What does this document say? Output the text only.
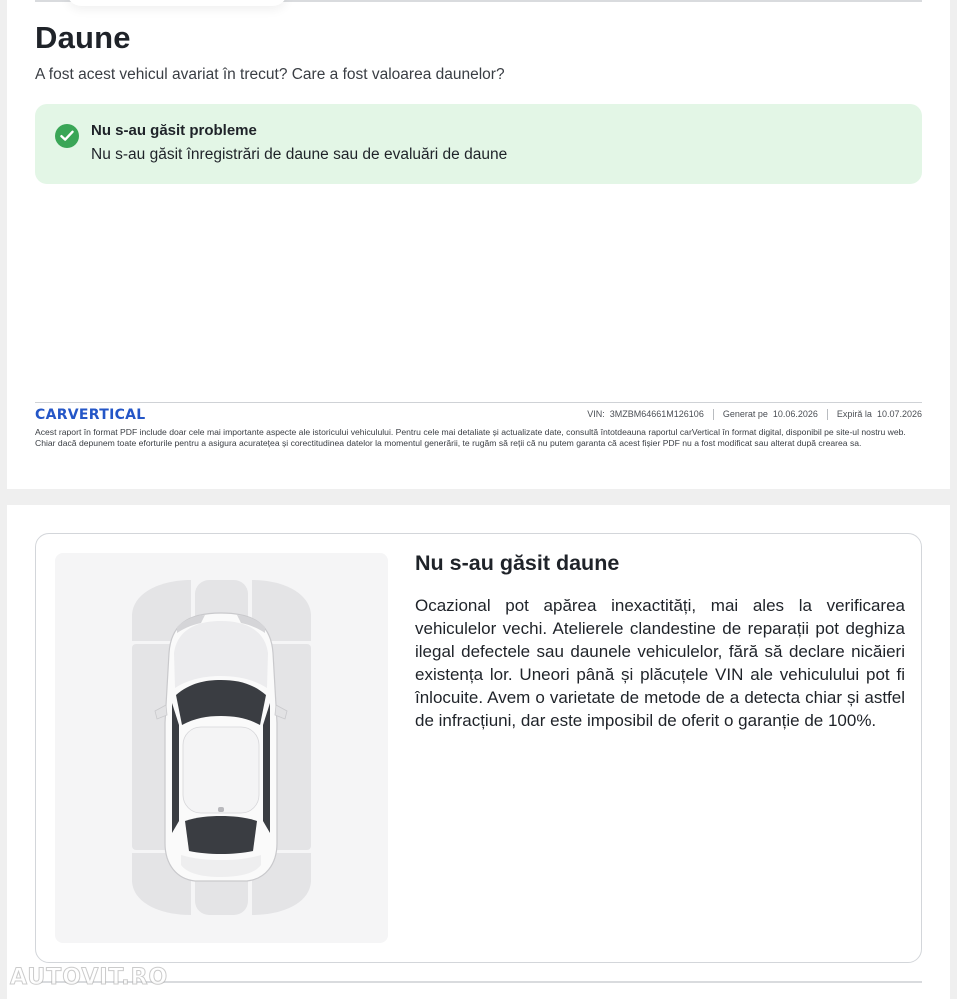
Daune

A fost acest vehicul avariat în trecut? Care a fost valoarea daunelor?

Nu s-au găsit probleme
Nu s-au găsit înregistrări de daune sau de evaluări de daune
CARVERTICAL	VIN: 3MZBM64661M126106	Generat pe 10.06.2026	Expiră la 10.07.2026

Acest raport în format PDF include doar cele mai importante aspecte ale istoricului vehiculului. Pentru cele mai detaliate și actualizate date, consultă întotdeauna raportul carVertical în format digital, disponibil pe site-ul nostru web. Chiar dacă depunem toate eforturile pentru a asigura acuratețea și corectitudinea datelor la momentul generării, te rugăm să reții că nu putem garanta că acest fișier PDF nu a fost modificat sau alterat după crearea sa.

Nu s-au găsit daune

Ocazional pot apărea inexactități, mai ales la verificarea vehiculelor vechi. Atelierele clandestine de reparații pot deghiza ilegal defectele sau daunele vehiculelor, fără să declare nicăieri existența lor. Uneori până și plăcuțele VIN ale vehiculului pot fi înlocuite. Avem o varietate de metode de a detecta chiar și astfel de infracțiuni, dar este imposibil de oferit o garanție de 100%.

AUTOVIT.RO
